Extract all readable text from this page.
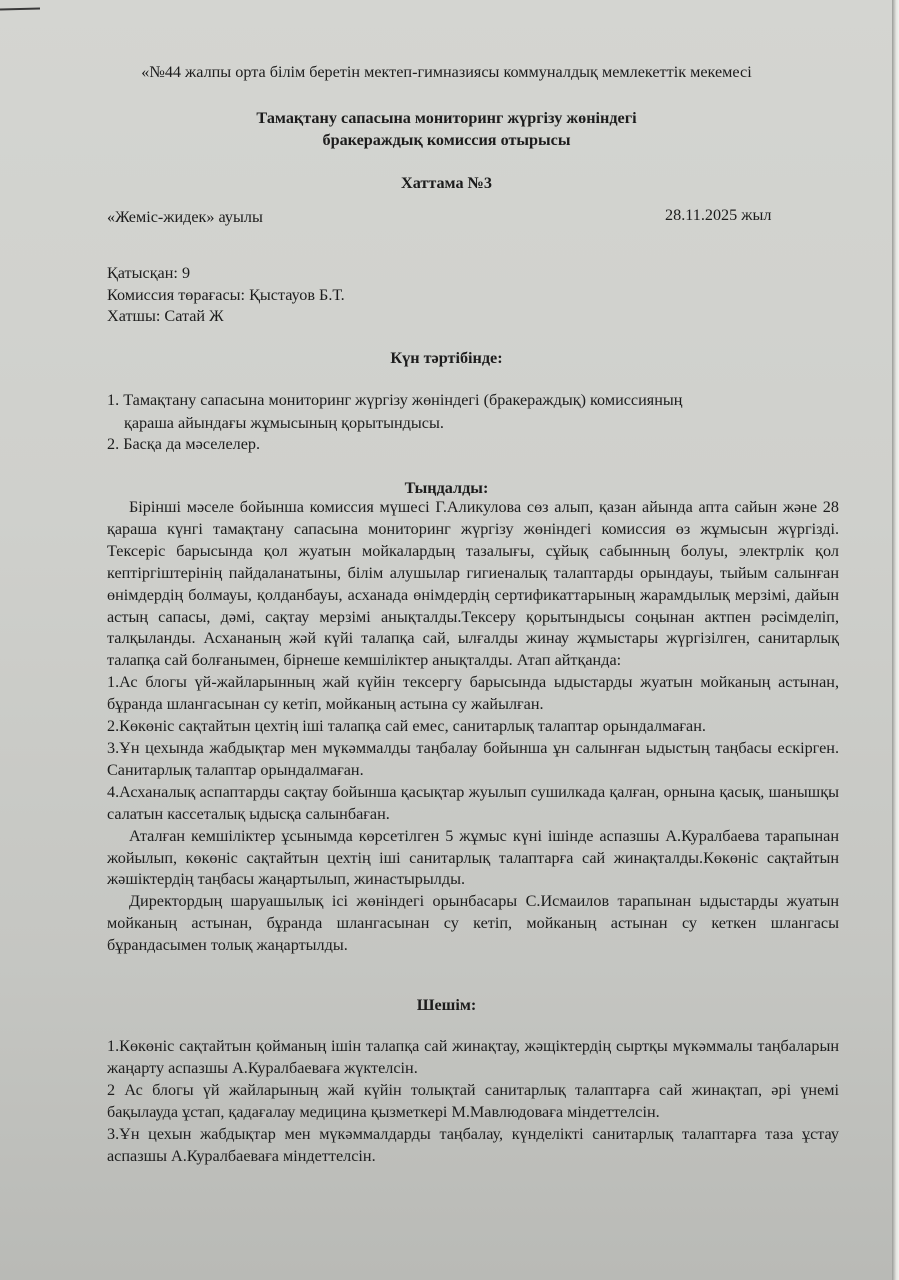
«№44 жалпы орта білім беретін мектеп-гимназиясы коммуналдық мемлекеттік мекемесі
Тамақтану сапасына мониторинг жүргізу жөніндегі
бракераждық комиссия отырысы
Хаттама №3
«Жеміс-жидек» ауылы	28.11.2025 жыл
Қатысқан: 9
Комиссия төрағасы: Қыстауов Б.Т.
Хатшы: Сатай Ж
Күн тәртібінде:
1. Тамақтану сапасына мониторинг жүргізу жөніндегі (бракераждық) комиссияның
қараша айындағы жұмысының қорытындысы.
2. Басқа да мәселелер.
Тыңдалды:

Бірінші мәселе бойынша комиссия мүшесі Г.Аликулова сөз алып, қазан айында апта сайын және 28 қараша күнгі тамақтану сапасына мониторинг жүргізу жөніндегі комиссия өз жұмысын жүргізді. Тексеріс барысында қол жуатын мойкалардың тазалығы, сұйық сабынның болуы, электрлік қол кептіргіштерінің пайдаланатыны, білім алушылар гигиеналық талаптарды орындауы, тыйым салынған өнімдердің болмауы, қолданбауы, асханада өнімдердің сертификаттарының жарамдылық мерзімі, дайын астың сапасы, дәмі, сақтау мерзімі анықталды.Тексеру қорытындысы соңынан актпен рәсімделіп, талқыланды. Асхананың жәй күйі талапқа сай, ылғалды жинау жұмыстары жүргізілген, санитарлық талапқа сай болғанымен, бірнеше кемшіліктер анықталды. Атап айтқанда:

1.Ас блогы үй-жайларынның жай күйін тексергу барысында ыдыстарды жуатын мойканың астынан, бұранда шлангасынан су кетіп, мойканың астына су жайылған.

2.Көкөніс сақтайтын цехтің іші талапқа сай емес, санитарлық талаптар орындалмаған.

3.Ұн цехында жабдықтар мен мүкәммалды таңбалау бойынша ұн салынған ыдыстың таңбасы ескірген. Санитарлық талаптар орындалмаған.

4.Асханалық аспаптарды сақтау бойынша қасықтар жуылып сушилкада қалған, орнына қасық, шанышқы салатын кассеталық ыдысқа салынбаған.

Аталған кемшіліктер ұсынымда көрсетілген 5 жұмыс күні ішінде аспазшы А.Куралбаева тарапынан жойылып, көкөніс сақтайтын цехтің іші санитарлық талаптарға сай жинақталды.Көкөніс сақтайтын жәшіктердің таңбасы жаңартылып, жинастырылды.

Директордың шаруашылық ісі жөніндегі орынбасары С.Исмаилов тарапынан ыдыстарды жуатын мойканың астынан, бұранда шлангасынан су кетіп, мойканың астынан су кеткен шлангасы бұрандасымен толық жаңартылды.

Шешім:

1.Көкөніс сақтайтын қойманың ішін талапқа сай жинақтау, жәщіктердің сыртқы мүкәммалы таңбаларын жаңарту аспазшы А.Куралбаеваға жүктелсін.

2 Ас блогы үй жайларының жай күйін толықтай санитарлық талаптарға сай жинақтап, әрі үнемі бақылауда ұстап, қадағалау медицина қызметкері М.Мавлюдоваға міндеттелсін.

3.Ұн цехын жабдықтар мен мүкәммалдарды таңбалау, күнделікті санитарлық талаптарға таза ұстау аспазшы А.Куралбаеваға міндеттелсін.
